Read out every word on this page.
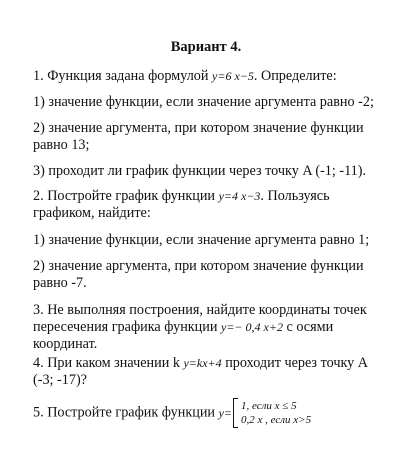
Вариант 4.
1. Функция задана формулой y=6 x−5. Определите:
1) значение функции, если значение аргумента равно -2;
2) значение аргумента, при котором значение функции равно 13;
3) проходит ли график функции через точку A (-1; -11).
2. Постройте график функции y=4 x−3. Пользуясь графиком, найдите:
1) значение функции, если значение аргумента равно 1;
2) значение аргумента, при котором значение функции равно -7.
3. Не выполняя построения, найдите координаты точек пересечения графика функции y=− 0,4 x+2 с осями координат.
4. При каком значении k y=kx+4 проходит через точку A (-3; -17)?
5. Постройте график функции y= 1, если x ≤ 5
0,2 x , если x>5
